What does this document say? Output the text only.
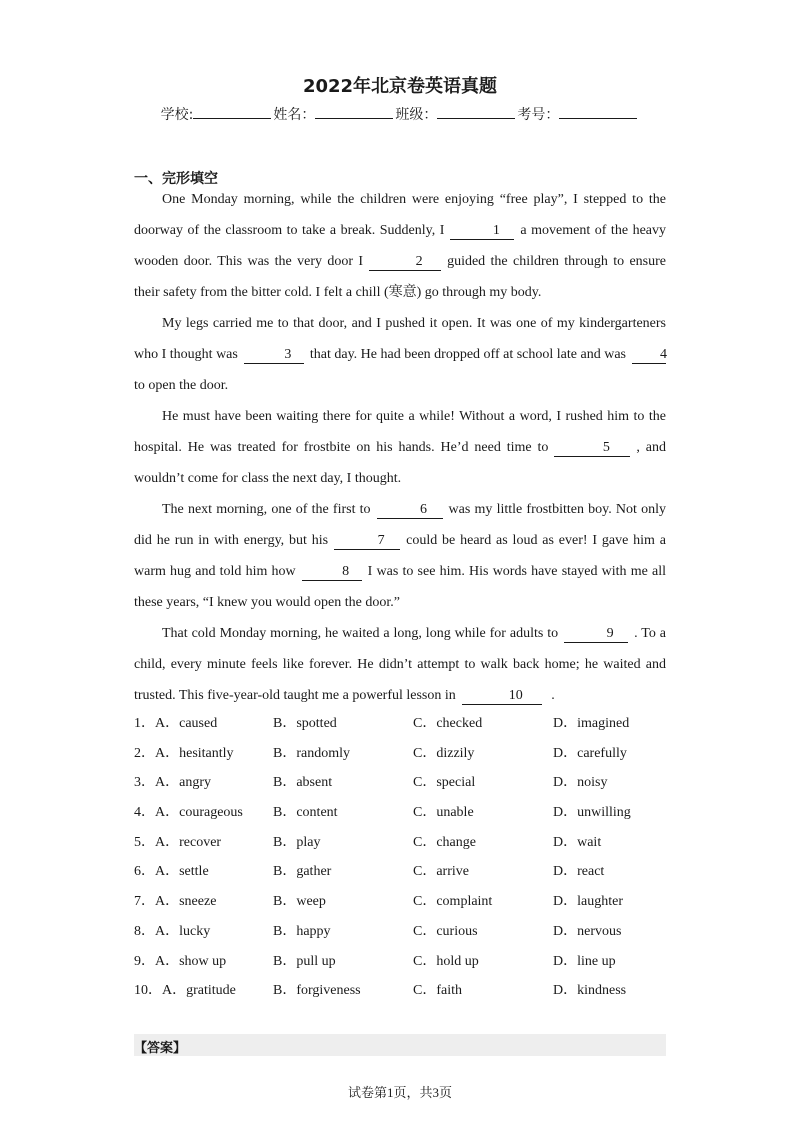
2022年北京卷英语真题
学校:	姓名：	班级：	考号：
一、完形填空

One Monday morning, while the children were enjoying “free play”, I stepped to the doorway of the classroom to take a break. Suddenly, I	1 a movement of the heavy wooden door. This was the very door I	2 guided the children through to ensure their safety from the bitter cold. I felt a chill (寒意) go through my body.

My legs carried me to that door, and I pushed it open. It was one of my kindergarteners who I thought was	3 that day. He had been dropped off at school late and was 4 to open the door.

He must have been waiting there for quite a while! Without a word, I rushed him to the hospital. He was treated for frostbite on his hands. He’d need time to	5 , and wouldn’t come for class the next day, I thought.

The next morning, one of the first to	6 was my little frostbitten boy. Not only did he run in with energy, but his	7 could be heard as loud as ever! I gave him a warm hug and told him how	8 I was to see him. His words have stayed with me all these years, “I knew you would open the door.”

That cold Monday morning, he waited a long, long while for adults to	9 . To a child, every minute feels like forever. He didn’t attempt to walk back home; he waited and trusted. This five-year-old taught me a powerful lesson in	10 .

1．A．caused	B．spotted	C．checked	D．imagined
2．A．hesitantly	B．randomly	C．dizzily	D．carefully
3．A．angry	B．absent	C．special	D．noisy
4．A．courageous B．content	C．unable	D．unwilling
5．A．recover	B．play	C．change	D．wait
6．A．settle	B．gather	C．arrive	D．react
7．A．sneeze	B．weep	C．complaint	D．laughter
8．A．lucky	B．happy	C．curious	D．nervous
9．A．show up	B．pull up	C．hold up	D．line up
10．A．gratitude	B．forgiveness	C．faith	D．kindness
【答案】
试卷第1页，共3页
